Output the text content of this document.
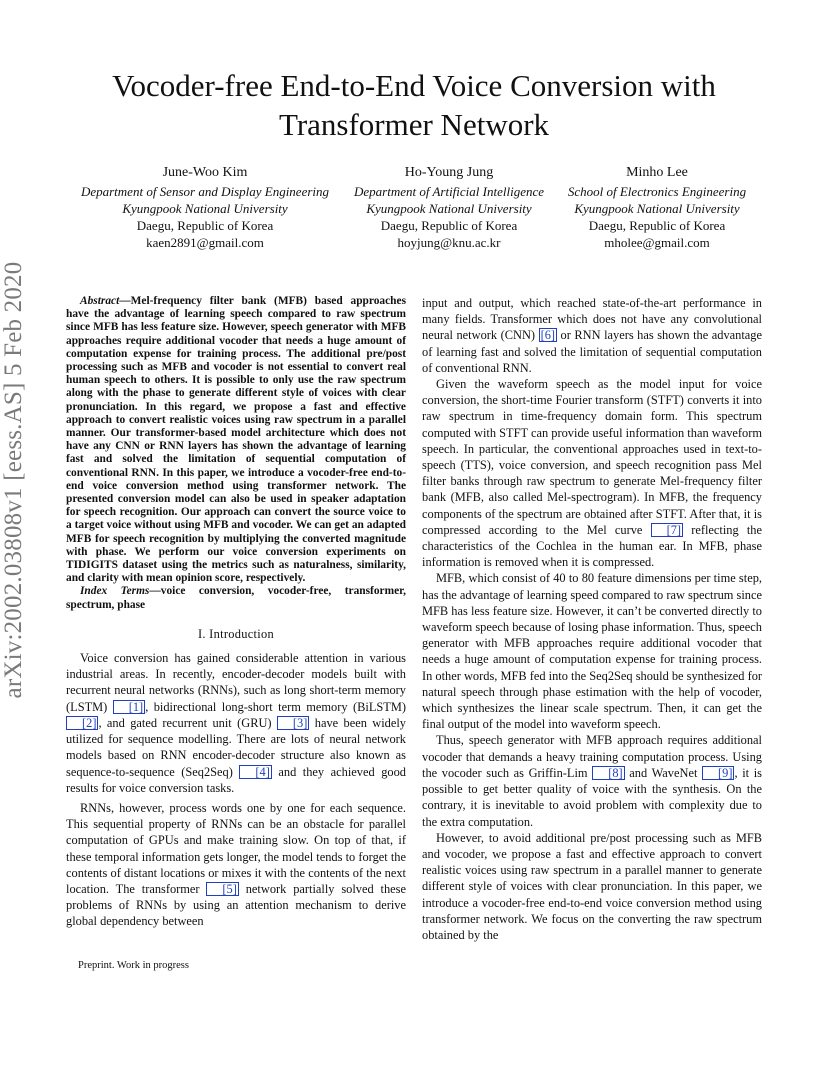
Vocoder-free End-to-End Voice Conversion with
Transformer Network
June-Woo Kim
Department of Sensor and Display Engineering
Kyungpook National University
Daegu, Republic of Korea
kaen2891@gmail.com
Ho-Young Jung
Department of Artificial Intelligence
Kyungpook National University
Daegu, Republic of Korea
hoyjung@knu.ac.kr
Minho Lee
School of Electronics Engineering
Kyungpook National University
Daegu, Republic of Korea
mholee@gmail.com
arXiv:2002.03808v1 [eess.AS] 5 Feb 2020	Abstract—Mel-frequency filter bank (MFB) based approaches have the advantage of learning speech compared to raw spectrum since MFB has less feature size. However, speech generator with MFB approaches require additional vocoder that needs a huge amount of computation expense for training process. The additional pre/post processing such as MFB and vocoder is not essential to convert real human speech to others. It is possible to only use the raw spectrum along with the phase to generate different style of voices with clear pronunciation. In this regard, we propose a fast and effective approach to convert realistic voices using raw spectrum in a parallel manner. Our transformer-based model architecture which does not have any CNN or RNN layers has shown the advantage of learning fast and solved the limitation of sequential computation of conventional RNN. In this paper, we introduce a vocoder-free end-to-end voice conversion method using transformer network. The presented conversion model can also be used in speaker adaptation for speech recognition. Our approach can convert the source voice to a target voice without using MFB and vocoder. We can get an adapted MFB for speech recognition by multiplying the converted magnitude with phase. We perform our voice conversion experiments on TIDIGITS dataset using the metrics such as naturalness, similarity, and clarity with mean opinion score, respectively.

Index Terms—voice conversion, vocoder-free, transformer, spectrum, phase

I. Introduction

Voice conversion has gained considerable attention in various industrial areas. In recently, encoder-decoder models built with recurrent neural networks (RNNs), such as long short-term memory (LSTM) [1] , bidirectional long-short term memory (BiLSTM) [2] , and gated recurrent unit (GRU) [3] have been widely utilized for sequence modelling. There are lots of neural network models based on RNN encoder-decoder structure also known as sequence-to-sequence (Seq2Seq) [4] and they achieved good results for voice conversion tasks.

RNNs, however, process words one by one for each sequence. This sequential property of RNNs can be an obstacle for parallel computation of GPUs and make training slow. On top of that, if these temporal information gets longer, the model tends to forget the contents of distant locations or mixes it with the contents of the next location. The transformer [5] network partially solved these problems of RNNs by using an attention mechanism to derive global dependency between

Preprint. Work in progress

input and output, which reached state-of-the-art performance in many fields. Transformer which does not have any convolutional neural network (CNN) [6] or RNN layers has shown the advantage of learning fast and solved the limitation of sequential computation of conventional RNN.

Given the waveform speech as the model input for voice conversion, the short-time Fourier transform (STFT) converts it into raw spectrum in time-frequency domain form. This spectrum computed with STFT can provide useful information than waveform speech. In particular, the conventional approaches used in text-to-speech (TTS), voice conversion, and speech recognition pass Mel filter banks through raw spectrum to generate Mel-frequency filter bank (MFB, also called Mel-spectrogram). In MFB, the frequency components of the spectrum are obtained after STFT. After that, it is compressed according to the Mel curve [7] reflecting the characteristics of the Cochlea in the human ear. In MFB, phase information is removed when it is compressed.

MFB, which consist of 40 to 80 feature dimensions per time step, has the advantage of learning speed compared to raw spectrum since MFB has less feature size. However, it can’t be converted directly to waveform speech because of losing phase information. Thus, speech generator with MFB approaches require additional vocoder that needs a huge amount of computation expense for training process. In other words, MFB fed into the Seq2Seq should be synthesized for natural speech through phase estimation with the help of vocoder, which synthesizes the linear scale spectrum. Then, it can get the final output of the model into waveform speech.

Thus, speech generator with MFB approach requires additional vocoder that demands a heavy training computation process. Using the vocoder such as Griffin-Lim [8] and WaveNet [9] , it is possible to get better quality of voice with the synthesis. On the contrary, it is inevitable to avoid problem with complexity due to the extra computation.

However, to avoid additional pre/post processing such as MFB and vocoder, we propose a fast and effective approach to convert realistic voices using raw spectrum in a parallel manner to generate different style of voices with clear pronunciation. In this paper, we introduce a vocoder-free end-to-end voice conversion method using transformer network. We focus on the converting the raw spectrum obtained by the
